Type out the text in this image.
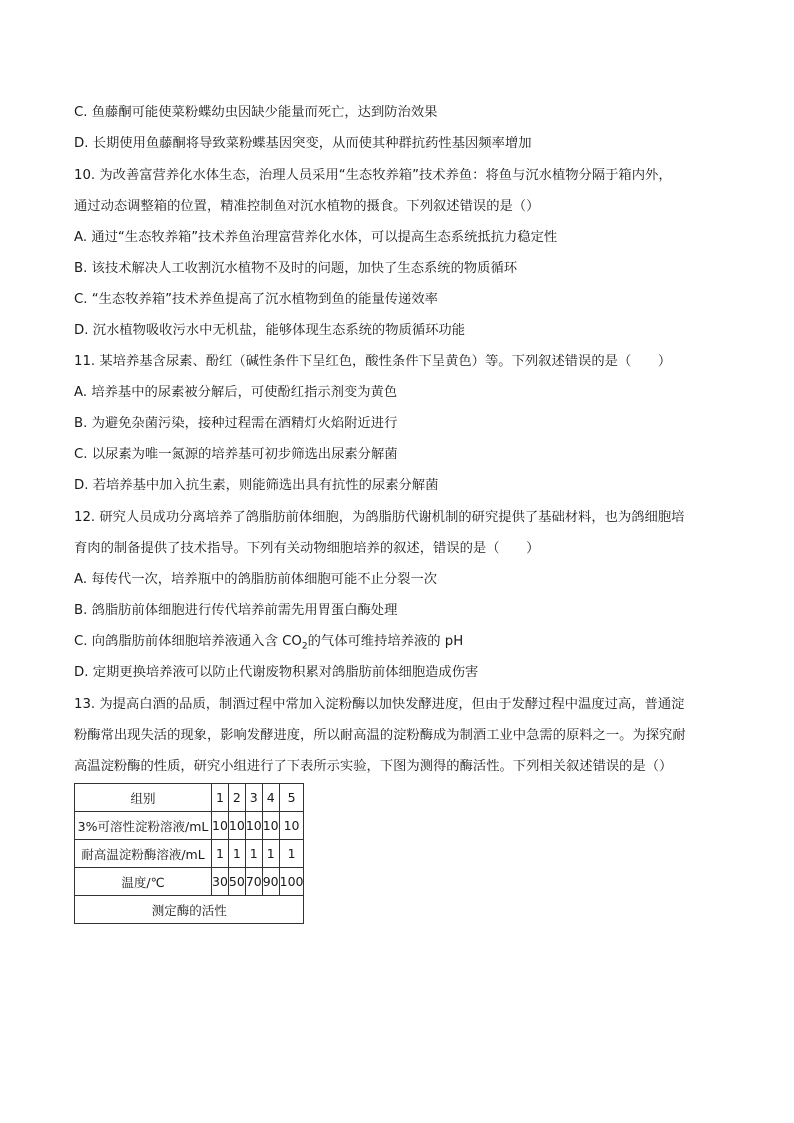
C. 鱼藤酮可能使菜粉蝶幼虫因缺少能量而死亡，达到防治效果
D. 长期使用鱼藤酮将导致菜粉蝶基因突变，从而使其种群抗药性基因频率增加
10. 为改善富营养化水体生态，治理人员采用“生态牧养箱”技术养鱼：将鱼与沉水植物分隔于箱内外，
通过动态调整箱的位置，精准控制鱼对沉水植物的摄食。下列叙述错误的是（）
A. 通过“生态牧养箱”技术养鱼治理富营养化水体，可以提高生态系统抵抗力稳定性
B. 该技术解决人工收割沉水植物不及时的问题，加快了生态系统的物质循环
C. “生态牧养箱”技术养鱼提高了沉水植物到鱼的能量传递效率
D. 沉水植物吸收污水中无机盐，能够体现生态系统的物质循环功能
11. 某培养基含尿素、酚红（碱性条件下呈红色，酸性条件下呈黄色）等。下列叙述错误的是（　　）
A. 培养基中的尿素被分解后，可使酚红指示剂变为黄色
B. 为避免杂菌污染，接种过程需在酒精灯火焰附近进行
C. 以尿素为唯一氮源的培养基可初步筛选出尿素分解菌
D. 若培养基中加入抗生素，则能筛选出具有抗性的尿素分解菌
12. 研究人员成功分离培养了鸽脂肪前体细胞，为鸽脂肪代谢机制的研究提供了基础材料，也为鸽细胞培
育肉的制备提供了技术指导。下列有关动物细胞培养的叙述，错误的是（　　）
A. 每传代一次，培养瓶中的鸽脂肪前体细胞可能不止分裂一次
B. 鸽脂肪前体细胞进行传代培养前需先用胃蛋白酶处理
C. 向鸽脂肪前体细胞培养液通入含 $CO_2$的气体可维持培养液的 pH
D. 定期更换培养液可以防止代谢废物积累对鸽脂肪前体细胞造成伤害
13. 为提高白酒的品质，制酒过程中常加入淀粉酶以加快发酵进度，但由于发酵过程中温度过高，普通淀
粉酶常出现失活的现象，影响发酵进度，所以耐高温的淀粉酶成为制酒工业中急需的原料之一。为探究耐
高温淀粉酶的性质，研究小组进行了下表所示实验，下图为测得的酶活性。下列相关叙述错误的是（）
组别	1	2	3	4	5
3%可溶性淀粉溶液/mL	10	10	10	10	10
耐高温淀粉酶溶液/mL	1	1	1	1	1
温度/℃	30	50	70	90	100
测定酶的活性					
